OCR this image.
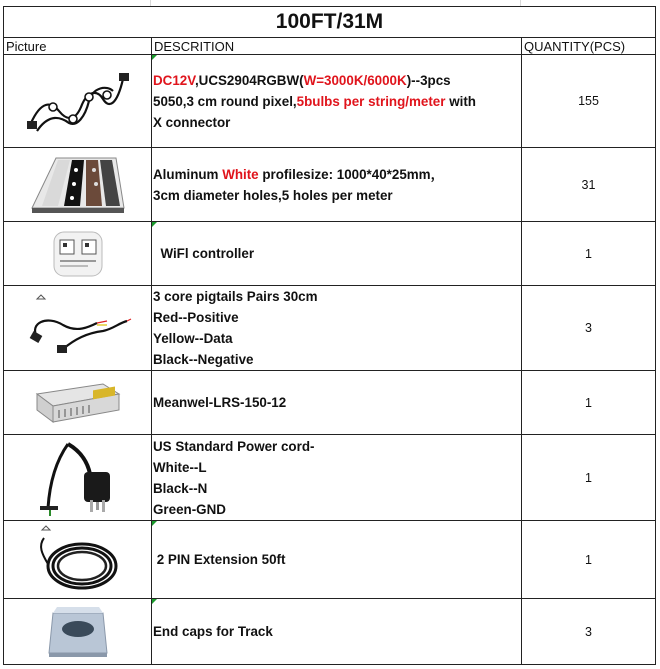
100FT/31M		
Picture	DESCRITION	QUANTITY(PCS)

DC12V,UCS2904RGBW(W=3000K/6000K)--3pcs
5050,3 cm round pixel,5bulbs per string/meter with
X connector	155

Aluminum White profilesize: 1000*40*25mm，
3cm diameter holes,5 holes per meter	31

WiFl controller	1

3 core pigtails Pairs 30cm
Red--Positive
Yellow--Data
Black--Negative	3

Meanwel-LRS-150-12	1

US Standard Power cord-
White--L
Black--N
Green-GND	1

2 PIN Extension 50ft	1

End caps for Track	3
